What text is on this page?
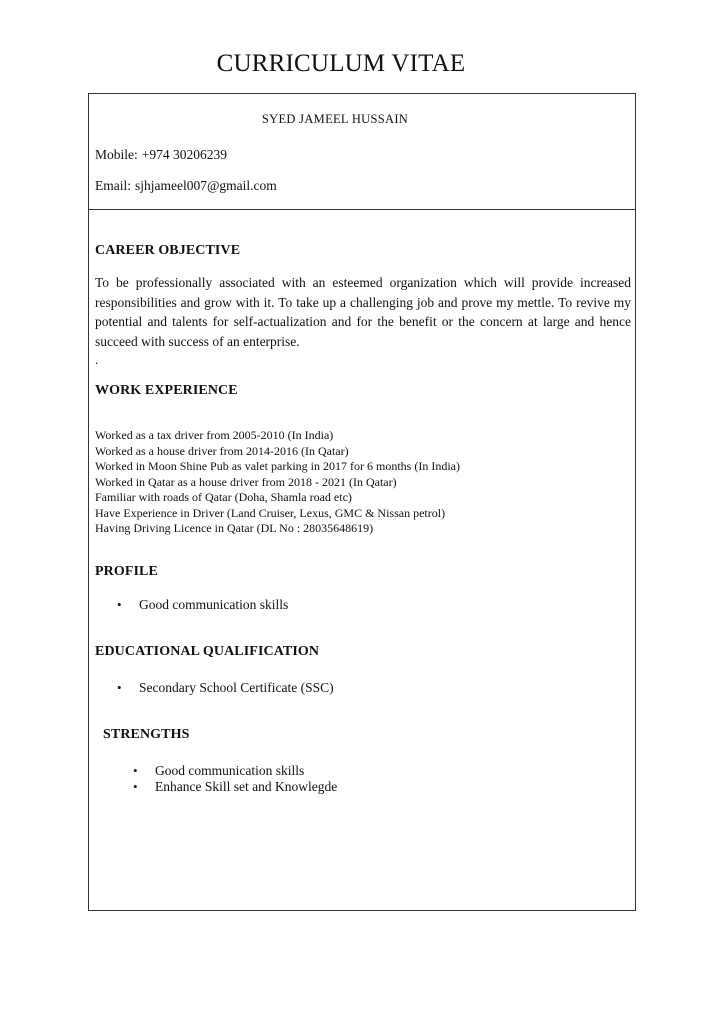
CURRICULUM VITAE
SYED JAMEEL HUSSAIN
Mobile: +974 30206239
Email: sjhjameel007@gmail.com
CAREER OBJECTIVE
To be professionally associated with an esteemed organization which will provide increased responsibilities and grow with it. To take up a challenging job and prove my mettle. To revive my potential and talents for self-actualization and for the benefit or the concern at large and hence succeed with success of an enterprise.
.
WORK EXPERIENCE
Worked as a tax driver from 2005-2010 (In India)
Worked as a house driver from 2014-2016 (In Qatar)
Worked in Moon Shine Pub as valet parking in 2017 for 6 months (In India)
Worked in Qatar as a house driver from 2018 - 2021 (In Qatar)
Familiar with roads of Qatar (Doha, Shamla road etc)
Have Experience in Driver (Land Cruiser, Lexus, GMC & Nissan petrol)
Having Driving Licence in Qatar (DL No : 28035648619)
PROFILE
• Good communication skills
EDUCATIONAL QUALIFICATION
• Secondary School Certificate (SSC)
STRENGTHS
• Good communication skills
• Enhance Skill set and Knowlegde
